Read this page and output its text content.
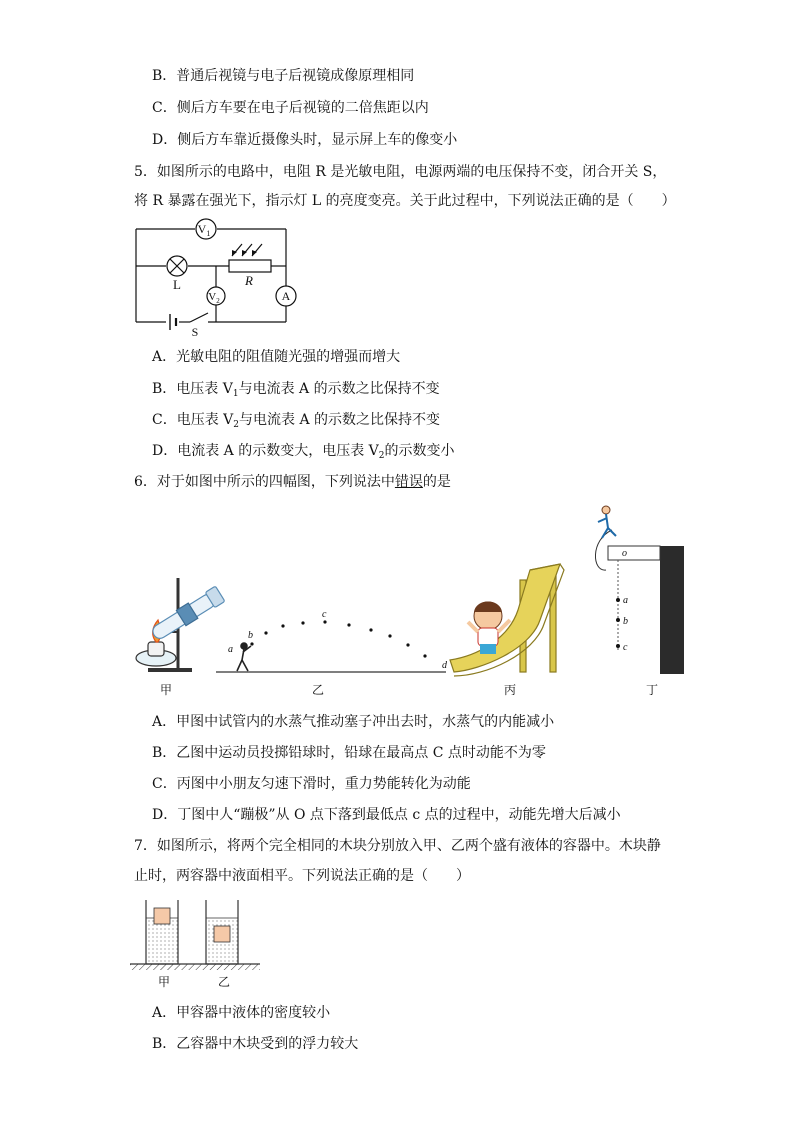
B．普通后视镜与电子后视镜成像原理相同
C．侧后方车要在电子后视镜的二倍焦距以内
D．侧后方车靠近摄像头时，显示屏上车的像变小
5．如图所示的电路中，电阻 R 是光敏电阻，电源两端的电压保持不变，闭合开关 S，
将 R 暴露在强光下，指示灯 L 的亮度变亮。关于此过程中，下列说法正确的是（　　）
$V_1$
$V_2$	A
L	R
S
A．光敏电阻的阻值随光强的增强而增大
B．电压表 $V_1$与电流表 A 的示数之比保持不变
C．电压表 $V_2$与电流表 A 的示数之比保持不变
D．电流表 A 的示数变大，电压表 $V_2$的示数变小
6．对于如图中所示的四幅图，下列说法中错误的是
a
b
c
d
o
a
b
c
甲	乙	丙	丁
A．甲图中试管内的水蒸气推动塞子冲出去时，水蒸气的内能减小
B．乙图中运动员投掷铅球时，铅球在最高点 C 点时动能不为零
C．丙图中小朋友匀速下滑时，重力势能转化为动能
D．丁图中人“蹦极”从 O 点下落到最低点 c 点的过程中，动能先增大后减小
7．如图所示，将两个完全相同的木块分别放入甲、乙两个盛有液体的容器中。木块静
止时，两容器中液面相平。下列说法正确的是（　　）
甲	乙
A．甲容器中液体的密度较小
B．乙容器中木块受到的浮力较大
